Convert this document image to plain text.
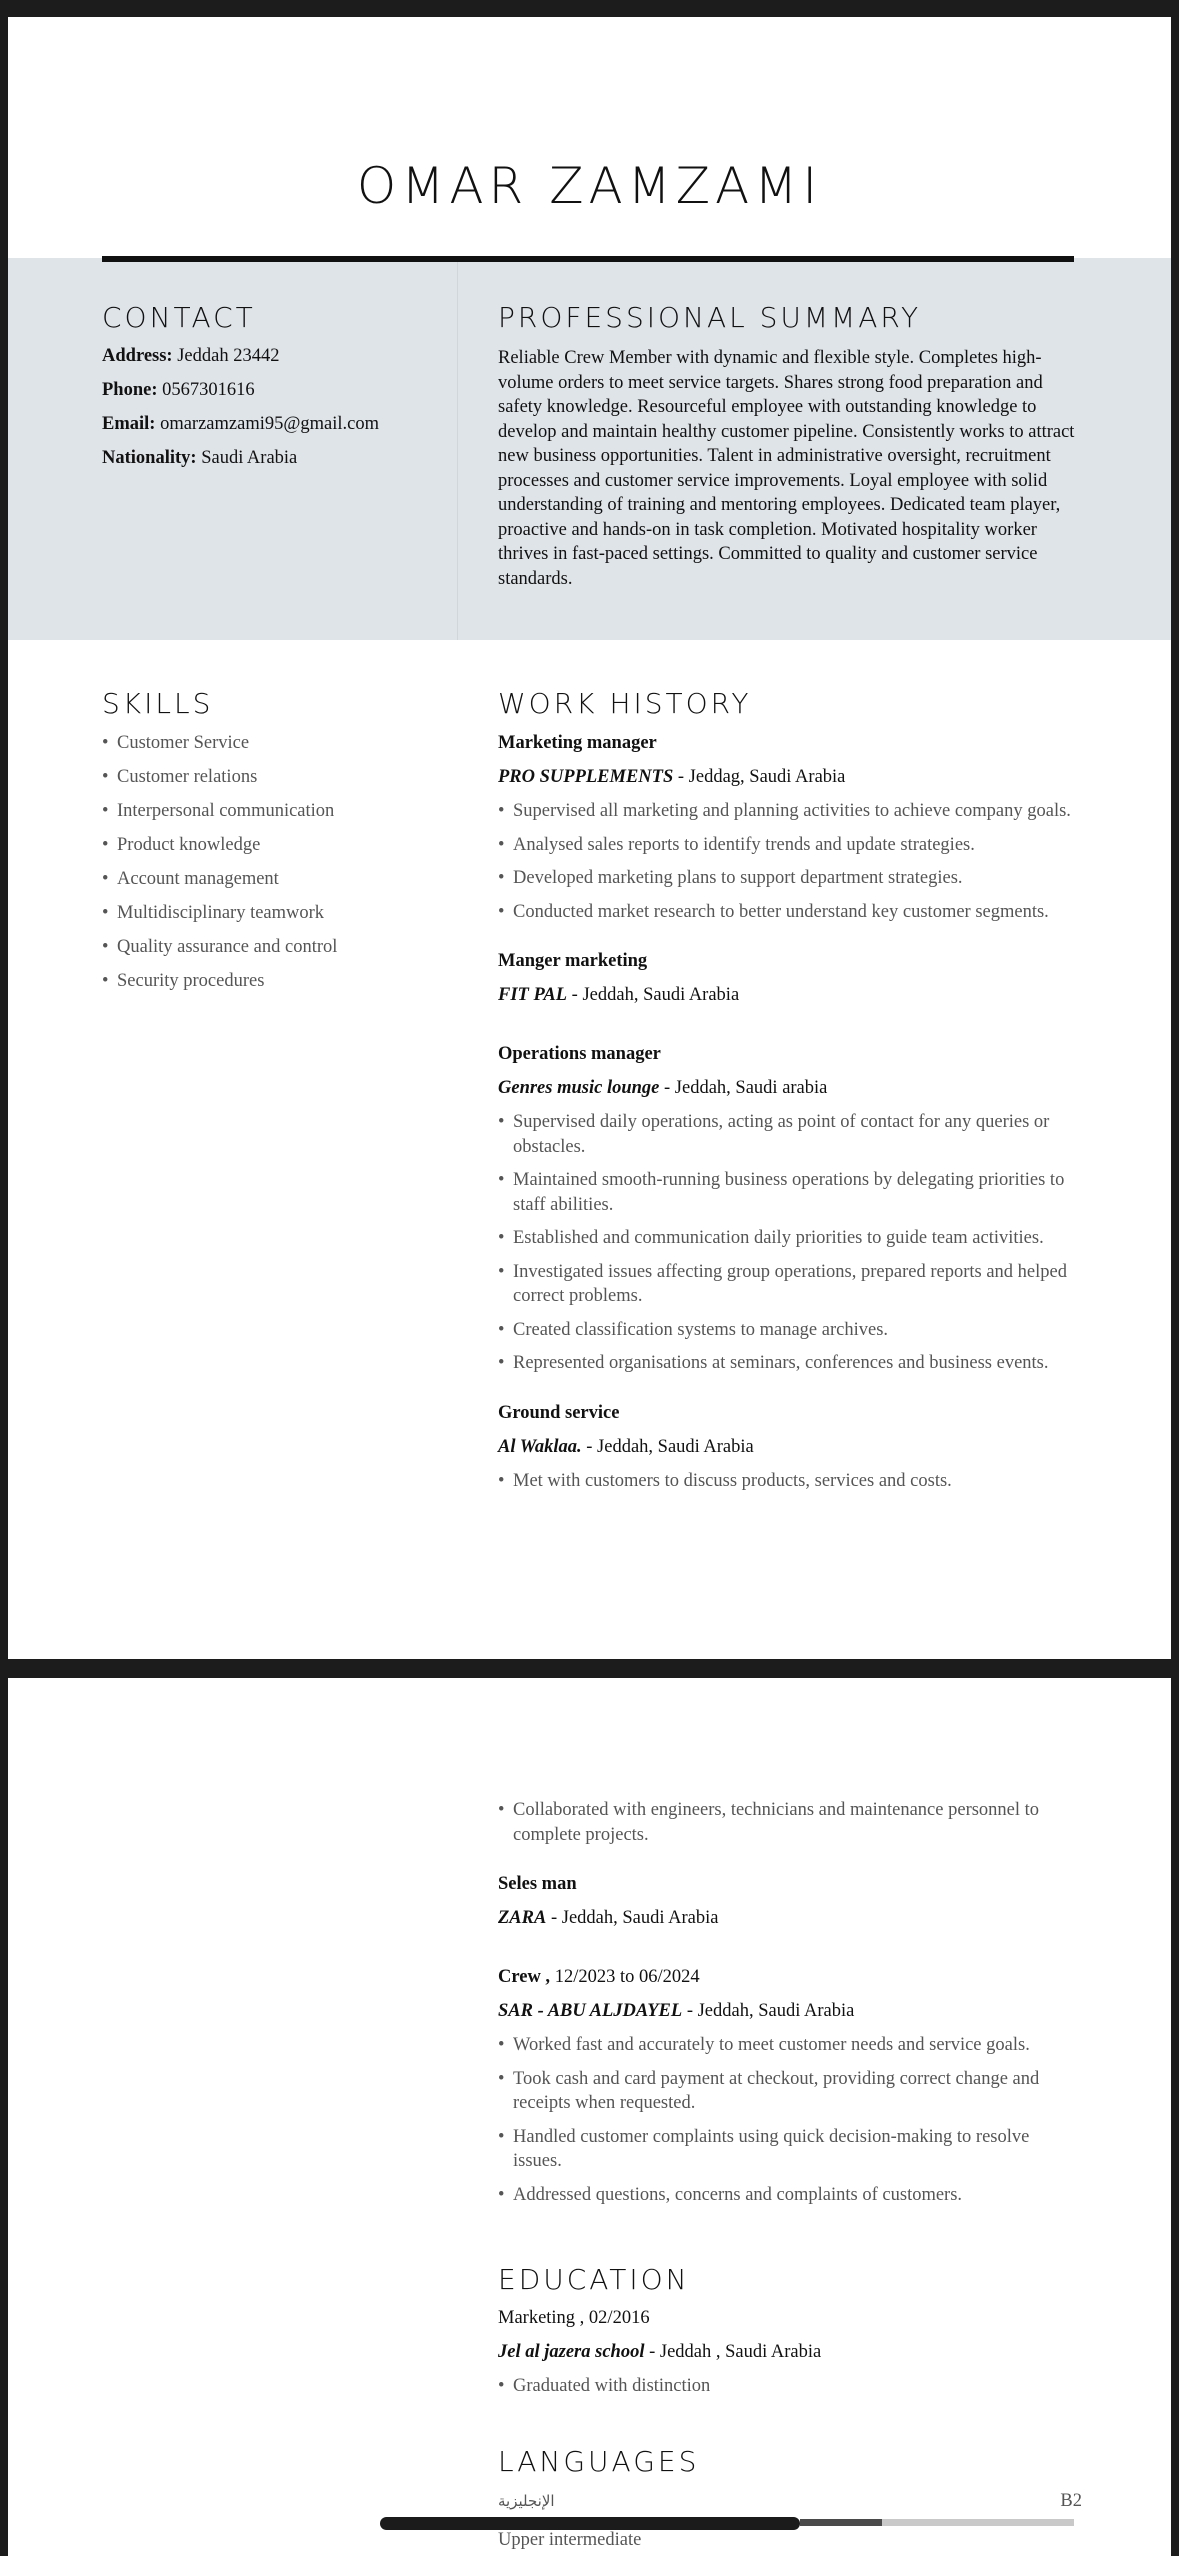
OMAR ZAMZAMI
CONTACT
Address: Jeddah 23442
Phone: 0567301616
Email: omarzamzami95@gmail.com
Nationality: Saudi Arabia
PROFESSIONAL SUMMARY
Reliable Crew Member with dynamic and flexible style. Completes high-volume orders to meet service targets. Shares strong food preparation and safety knowledge. Resourceful employee with outstanding knowledge to develop and maintain healthy customer pipeline. Consistently works to attract new business opportunities. Talent in administrative oversight, recruitment processes and customer service improvements. Loyal employee with solid understanding of training and mentoring employees. Dedicated team player, proactive and hands-on in task completion. Motivated hospitality worker thrives in fast-paced settings. Committed to quality and customer service standards.
SKILLS
• Customer Service
• Customer relations
• Interpersonal communication
• Product knowledge
• Account management
• Multidisciplinary teamwork
• Quality assurance and control
• Security procedures
WORK HISTORY
Marketing manager
PRO SUPPLEMENTS - Jeddag, Saudi Arabia
• Supervised all marketing and planning activities to achieve company goals.
• Analysed sales reports to identify trends and update strategies.
• Developed marketing plans to support department strategies.
• Conducted market research to better understand key customer segments.
Manger marketing
FIT PAL - Jeddah, Saudi Arabia
Operations manager
Genres music lounge - Jeddah, Saudi arabia
• Supervised daily operations, acting as point of contact for any queries or obstacles.
• Maintained smooth-running business operations by delegating priorities to staff abilities.
• Established and communication daily priorities to guide team activities.
• Investigated issues affecting group operations, prepared reports and helped correct problems.
• Created classification systems to manage archives.
• Represented organisations at seminars, conferences and business events.
Ground service
Al Waklaa. - Jeddah, Saudi Arabia
• Met with customers to discuss products, services and costs.
• Collaborated with engineers, technicians and maintenance personnel to complete projects.
Seles man
ZARA - Jeddah, Saudi Arabia
Crew , 12/2023 to 06/2024
SAR - ABU ALJDAYEL - Jeddah, Saudi Arabia
• Worked fast and accurately to meet customer needs and service goals.
• Took cash and card payment at checkout, providing correct change and receipts when requested.
• Handled customer complaints using quick decision-making to resolve issues.
• Addressed questions, concerns and complaints of customers.
EDUCATION
Marketing , 02/2016
Jel al jazera school - Jeddah , Saudi Arabia
• Graduated with distinction
LANGUAGES
الإنجليزية	B2
Upper intermediate
